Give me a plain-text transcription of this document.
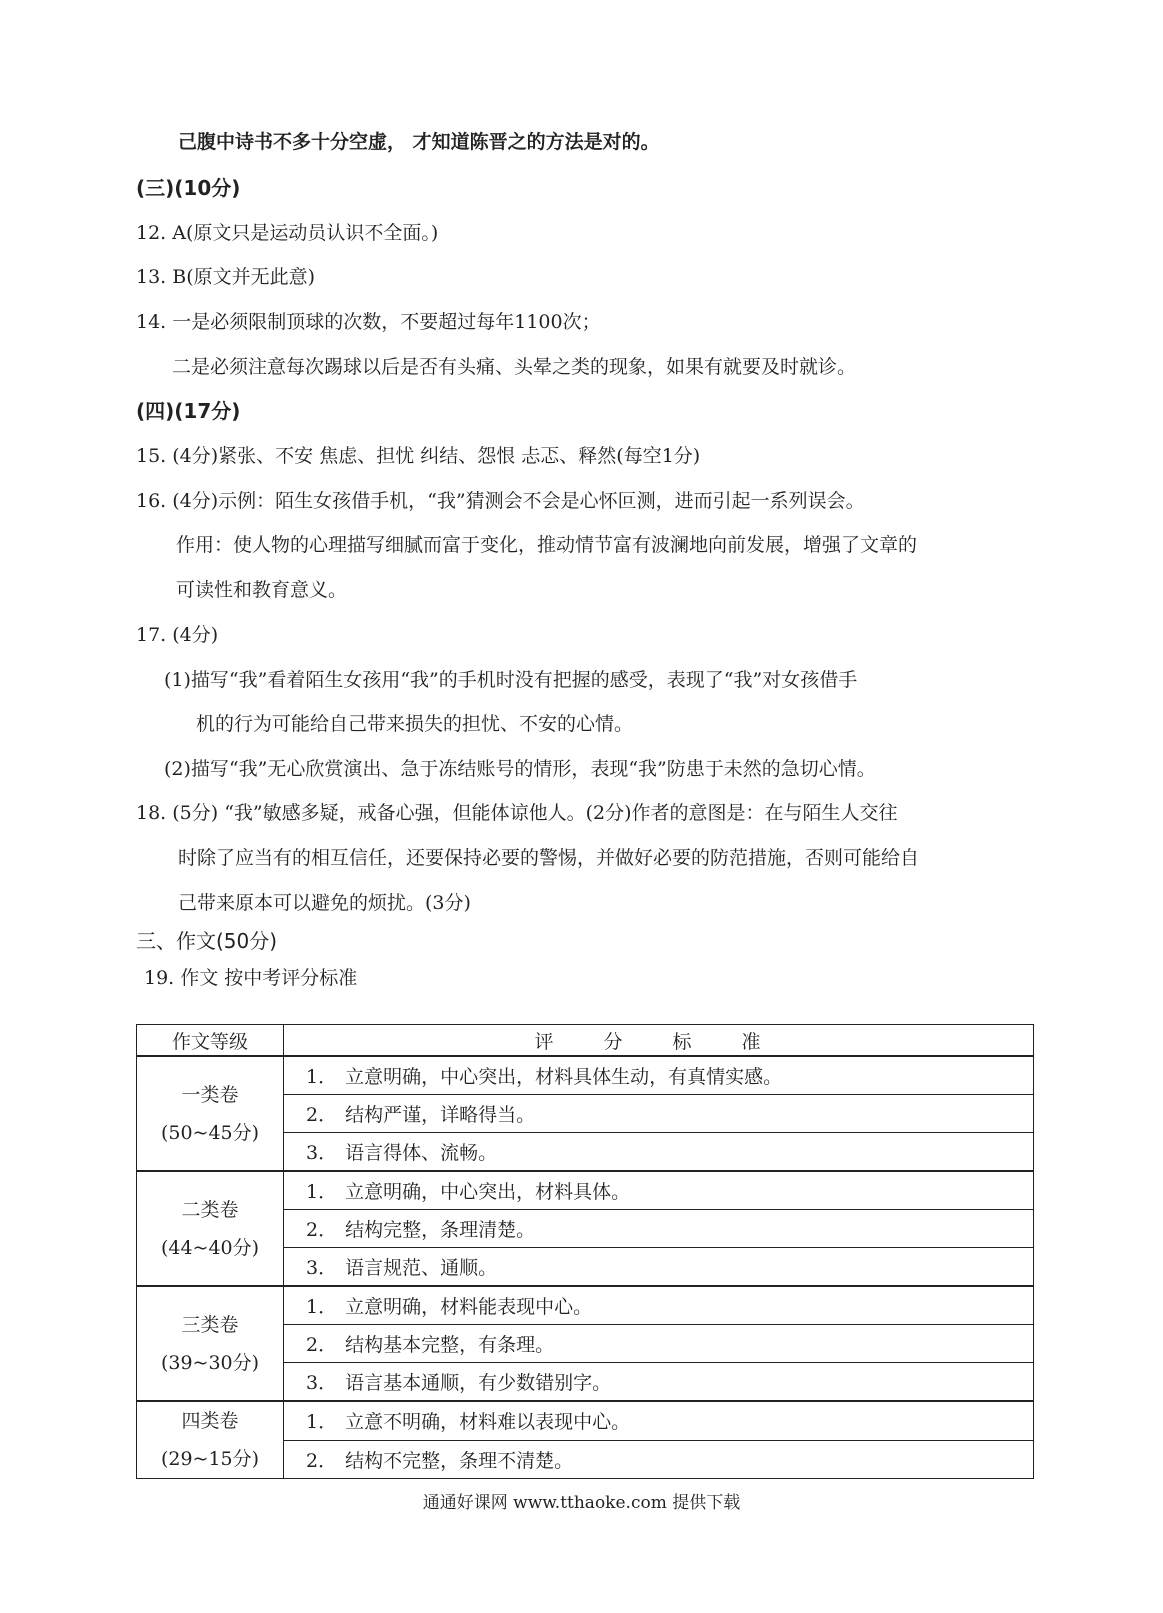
己腹中诗书不多十分空虚， 才知道陈晋之的方法是对的。
(三)(10分)
12. A(原文只是运动员认识不全面。)
13. B(原文并无此意)
14. 一是必须限制顶球的次数，不要超过每年1100次；
二是必须注意每次踢球以后是否有头痛、头晕之类的现象，如果有就要及时就诊。
(四)(17分)
15. (4分)紧张、不安 焦虑、担忧 纠结、怨恨 忐忑、释然(每空1分)
16. (4分)示例：陌生女孩借手机，“我”猜测会不会是心怀叵测，进而引起一系列误会。
作用：使人物的心理描写细腻而富于变化，推动情节富有波澜地向前发展，增强了文章的
可读性和教育意义。
17. (4分)
(1)描写“我”看着陌生女孩用“我”的手机时没有把握的感受，表现了“我”对女孩借手
机的行为可能给自己带来损失的担忧、不安的心情。
(2)描写“我”无心欣赏演出、急于冻结账号的情形，表现“我”防患于未然的急切心情。
18. (5分) “我”敏感多疑，戒备心强，但能体谅他人。(2分)作者的意图是：在与陌生人交往
时除了应当有的相互信任，还要保持必要的警惕，并做好必要的防范措施，否则可能给自
己带来原本可以避免的烦扰。(3分)
三、作文(50分)
19. 作文 按中考评分标准
作文等级	评 分 标 准

一类卷
(50~45分)	1． 立意明确，中心突出，材料具体生动，有真情实感。
	2． 结构严谨，详略得当。
	3． 语言得体、流畅。

二类卷
(44~40分)	1． 立意明确，中心突出，材料具体。
	2． 结构完整，条理清楚。
	3． 语言规范、通顺。

三类卷
(39~30分)	1． 立意明确，材料能表现中心。
	2． 结构基本完整，有条理。
	3． 语言基本通顺，有少数错别字。

四类卷
(29~15分)	1． 立意不明确，材料难以表现中心。
	2． 结构不完整，条理不清楚。
通通好课网 www.tthaoke.com 提供下载
